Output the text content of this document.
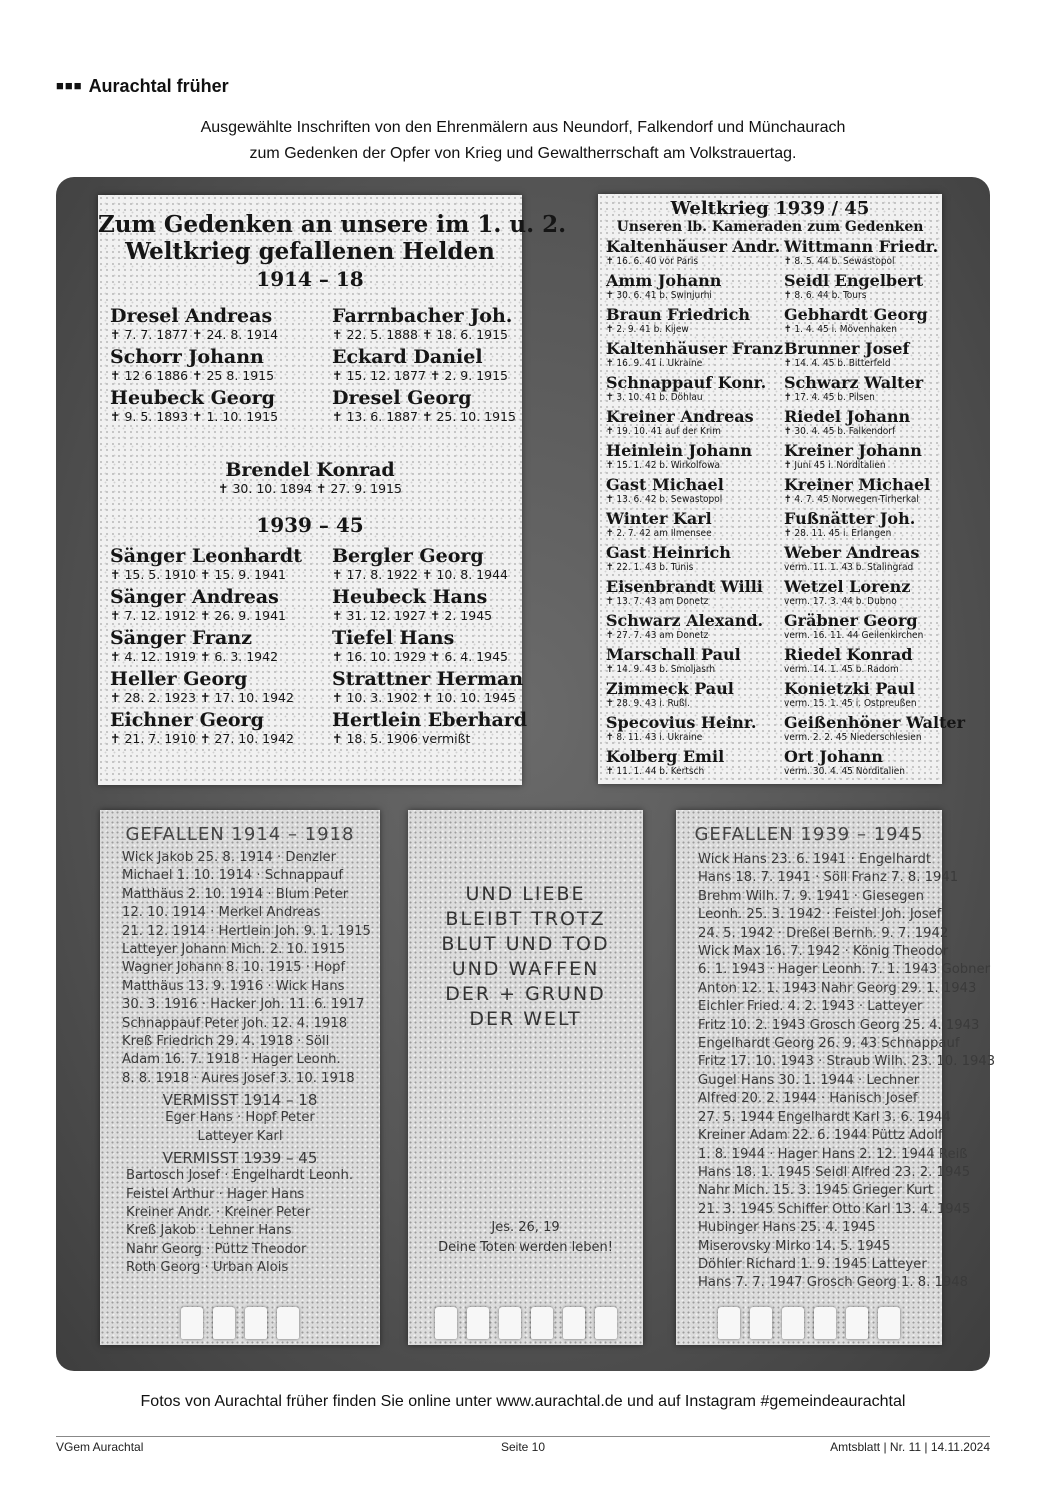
■■■ Aurachtal früher
Ausgewählte Inschriften von den Ehrenmälern aus Neundorf, Falkendorf und Münchaurach
zum Gedenken der Opfer von Krieg und Gewaltherrschaft am Volkstrauertag.
Zum Gedenken an unsere im 1. u. 2.
Weltkrieg gefallenen Helden
1914 – 18
Dresel Andreas
✝ 7. 7. 1877 ✝ 24. 8. 1914
Farrnbacher Joh.
✝ 22. 5. 1888 ✝ 18. 6. 1915
Schorr Johann
✝ 12 6 1886 ✝ 25 8. 1915
Eckard Daniel
✝ 15. 12. 1877 ✝ 2. 9. 1915
Heubeck Georg
✝ 9. 5. 1893 ✝ 1. 10. 1915
Dresel Georg
✝ 13. 6. 1887 ✝ 25. 10. 1915
Brendel Konrad
✝ 30. 10. 1894 ✝ 27. 9. 1915
1939 – 45
Sänger Leonhardt
✝ 15. 5. 1910 ✝ 15. 9. 1941
Bergler Georg
✝ 17. 8. 1922 ✝ 10. 8. 1944
Sänger Andreas
✝ 7. 12. 1912 ✝ 26. 9. 1941
Heubeck Hans
✝ 31. 12. 1927 ✝ 2. 1945
Sänger Franz
✝ 4. 12. 1919 ✝ 6. 3. 1942
Tiefel Hans
✝ 16. 10. 1929 ✝ 6. 4. 1945
Heller Georg
✝ 28. 2. 1923 ✝ 17. 10. 1942
Strattner Herman
✝ 10. 3. 1902 ✝ 10. 10. 1945
Eichner Georg
✝ 21. 7. 1910 ✝ 27. 10. 1942
Hertlein Eberhard
✝ 18. 5. 1906 vermißt
Weltkrieg 1939 / 45
Unseren lb. Kameraden zum Gedenken
Kaltenhäuser Andr.
✝ 16. 6. 40 vor Paris
Wittmann Friedr.
✝ 8. 5. 44 b. Sewastopol
Amm Johann
✝ 30. 6. 41 b. Swinjurhi
Seidl Engelbert
✝ 8. 6. 44 b. Tours
Braun Friedrich
✝ 2. 9. 41 b. Kijew
Gebhardt Georg
✝ 1. 4. 45 i. Mövenhaken
Kaltenhäuser Franz
✝ 16. 9. 41 i. Ukraine
Brunner Josef
✝ 14. 4. 45 b. Bitterfeld
Schnappauf Konr.
✝ 3. 10. 41 b. Döhlau
Schwarz Walter
✝ 17. 4. 45 b. Pilsen
Kreiner Andreas
✝ 19. 10. 41 auf der Krim
Riedel Johann
✝ 30. 4. 45 b. Falkendorf
Heinlein Johann
✝ 15. 1. 42 b. Wirkolfowa
Kreiner Johann
✝ Juni 45 i. Norditalien
Gast Michael
✝ 13. 6. 42 b. Sewastopol
Kreiner Michael
✝ 4. 7. 45 Norwegen-Tirherkal
Winter Karl
✝ 2. 7. 42 am Ilmensee
Fußnätter Joh.
✝ 28. 11. 45 i. Erlangen
Gast Heinrich
✝ 22. 1. 43 b. Tunis
Weber Andreas
verm. 11. 1. 43 b. Stalingrad
Eisenbrandt Willi
✝ 13. 7. 43 am Donetz
Wetzel Lorenz
verm. 17. 3. 44 b. Dubno
Schwarz Alexand.
✝ 27. 7. 43 am Donetz
Gräbner Georg
verm. 16. 11. 44 Geilenkirchen
Marschall Paul
✝ 14. 9. 43 b. Smoljasrh
Riedel Konrad
verm. 14. 1. 45 b. Radom
Zimmeck Paul
✝ 28. 9. 43 i. Rußl.
Konietzki Paul
verm. 15. 1. 45 i. Ostpreußen
Specovius Heinr.
✝ 8. 11. 43 i. Ukraine
Geißenhöner Walter
verm. 2. 2. 45 Niederschlesien
Kolberg Emil
✝ 11. 1. 44 b. Kertsch
Ort Johann
verm. 30. 4. 45 Norditalien
GEFALLEN 1914 – 1918
Wick Jakob 25. 8. 1914 · Denzler
Michael 1. 10. 1914 · Schnappauf
Matthäus 2. 10. 1914 · Blum Peter
12. 10. 1914 · Merkel Andreas
21. 12. 1914 · Hertlein Joh. 9. 1. 1915
Latteyer Johann Mich. 2. 10. 1915
Wagner Johann 8. 10. 1915 · Hopf
Matthäus 13. 9. 1916 · Wick Hans
30. 3. 1916 · Hacker Joh. 11. 6. 1917
Schnappauf Peter Joh. 12. 4. 1918
Kreß Friedrich 29. 4. 1918 · Söll
Adam 16. 7. 1918 · Hager Leonh.
8. 8. 1918 · Aures Josef 3. 10. 1918
VERMISST 1914 – 18
Eger Hans · Hopf Peter
Latteyer Karl
VERMISST 1939 – 45
Bartosch Josef · Engelhardt Leonh.
Feistel Arthur · Hager Hans
Kreiner Andr. · Kreiner Peter
Kreß Jakob · Lehner Hans
Nahr Georg · Püttz Theodor
Roth Georg · Urban Alois
UND LIEBE
BLEIBT TROTZ
BLUT UND TOD
UND WAFFEN
DER + GRUND
DER WELT
Jes. 26, 19
Deine Toten werden leben!
GEFALLEN 1939 – 1945
Wick Hans 23. 6. 1941 · Engelhardt
Hans 18. 7. 1941 · Söll Franz 7. 8. 1941
Brehm Wilh. 7. 9. 1941 · Giesegen
Leonh. 25. 3. 1942 · Feistel Joh. Josef
24. 5. 1942 · Dreßel Bernh. 9. 7. 1942
Wick Max 16. 7. 1942 · König Theodor
6. 1. 1943 · Hager Leonh. 7. 1. 1943 Gobner
Anton 12. 1. 1943 Nahr Georg 29. 1. 1943
Eichler Fried. 4. 2. 1943 · Latteyer
Fritz 10. 2. 1943 Grosch Georg 25. 4. 1943
Engelhardt Georg 26. 9. 43 Schnappauf
Fritz 17. 10. 1943 · Straub Wilh. 23. 10. 1943
Gugel Hans 30. 1. 1944 · Lechner
Alfred 20. 2. 1944 · Hanisch Josef
27. 5. 1944 Engelhardt Karl 3. 6. 1944
Kreiner Adam 22. 6. 1944 Püttz Adolf
1. 8. 1944 · Hager Hans 2. 12. 1944 Reiß
Hans 18. 1. 1945 Seidl Alfred 23. 2. 1945
Nahr Mich. 15. 3. 1945 Grieger Kurt
21. 3. 1945 Schiffer Otto Karl 13. 4. 1945
Hubinger Hans 25. 4. 1945
Miserovsky Mirko 14. 5. 1945
Döhler Richard 1. 9. 1945 Latteyer
Hans 7. 7. 1947 Grosch Georg 1. 8. 1948
Fotos von Aurachtal früher finden Sie online unter www.aurachtal.de und auf Instagram #gemeindeaurachtal
VGem Aurachtal	Seite 10	Amtsblatt | Nr. 11 | 14.11.2024
